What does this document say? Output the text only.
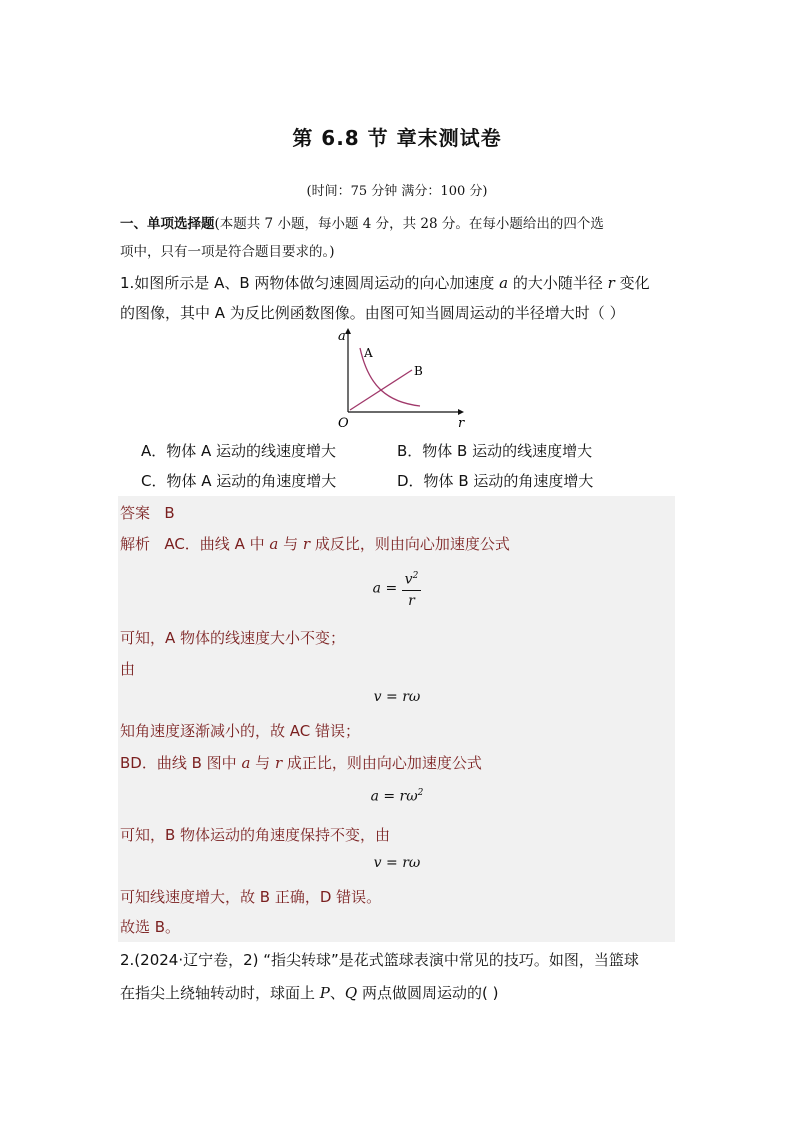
第 6.8 节 章末测试卷
(时间：75 分钟 满分：100 分)
一、单项选择题(本题共 7 小题，每小题 4 分，共 28 分。在每小题给出的四个选
项中，只有一项是符合题目要求的。)
1.如图所示是 A、B 两物体做匀速圆周运动的向心加速度 a 的大小随半径 r 变化
的图像，其中 A 为反比例函数图像。由图可知当圆周运动的半径增大时（ ）
a
r
O
A
B
A．物体 A 运动的线速度增大	B．物体 B 运动的线速度增大
C．物体 A 运动的角速度增大	D．物体 B 运动的角速度增大
答案 B
解析 AC．曲线 A 中 a 与 r 成反比，则由向心加速度公式
$a = \frac{v^2}{r}$
可知，A 物体的线速度大小不变；
由
v = rω
知角速度逐渐减小的，故 AC 错误；
BD．曲线 B 图中 a 与 r 成正比，则由向心加速度公式
$a = r\omega^2$
可知，B 物体运动的角速度保持不变，由
v = rω
可知线速度增大，故 B 正确，D 错误。
故选 B。
2.(2024·辽宁卷，2) “指尖转球”是花式篮球表演中常见的技巧。如图，当篮球
在指尖上绕轴转动时，球面上 P、Q 两点做圆周运动的( )
